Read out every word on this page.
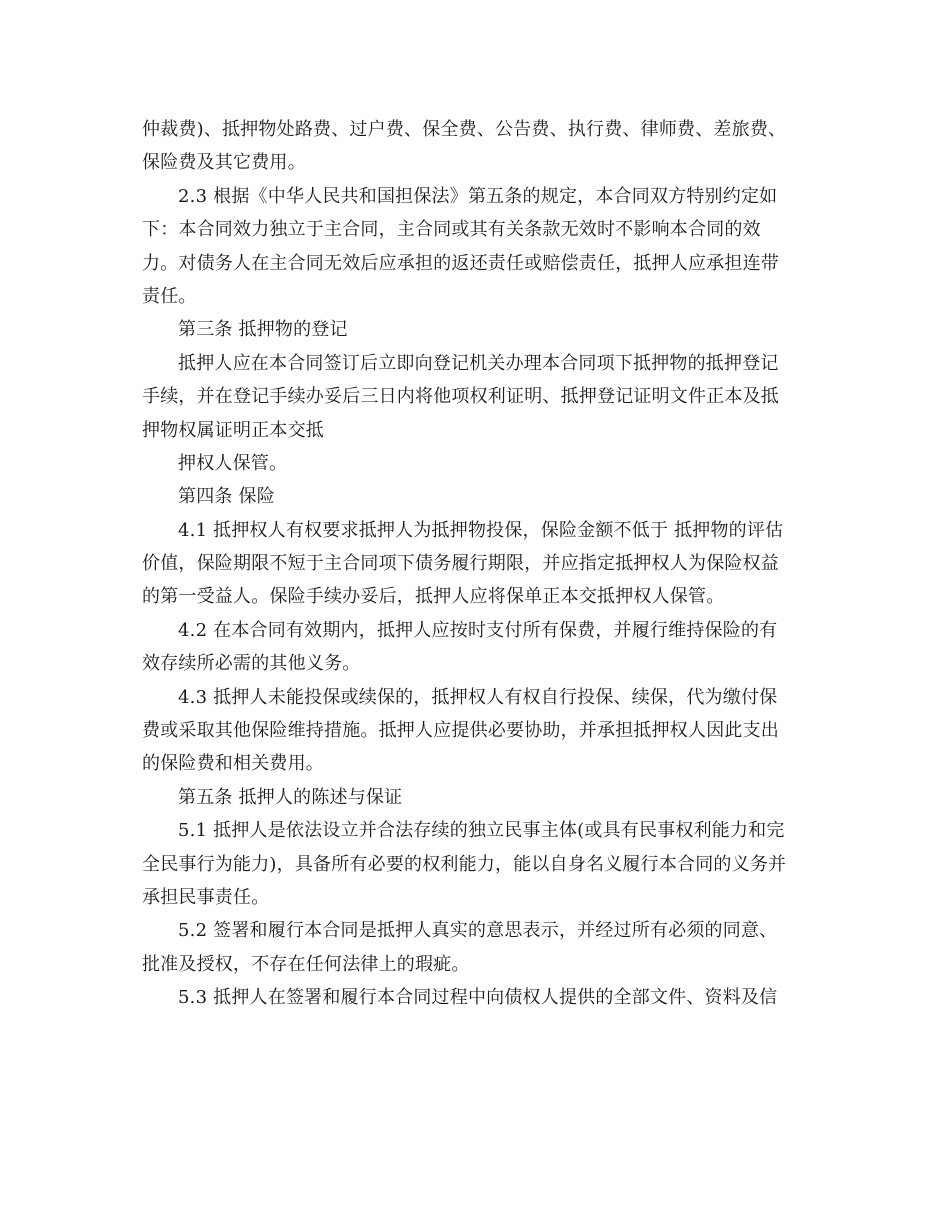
仲裁费)、抵押物处路费、过户费、保全费、公告费、执行费、律师费、差旅费、
保险费及其它费用。
2.3 根据《中华人民共和国担保法》第五条的规定，本合同双方特别约定如
下：本合同效力独立于主合同，主合同或其有关条款无效时不影响本合同的效
力。对债务人在主合同无效后应承担的返还责任或赔偿责任，抵押人应承担连带
责任。
第三条 抵押物的登记
抵押人应在本合同签订后立即向登记机关办理本合同项下抵押物的抵押登记
手续，并在登记手续办妥后三日内将他项权利证明、抵押登记证明文件正本及抵
押物权属证明正本交抵
押权人保管。
第四条 保险
4.1 抵押权人有权要求抵押人为抵押物投保，保险金额不低于 抵押物的评估
价值，保险期限不短于主合同项下债务履行期限，并应指定抵押权人为保险权益
的第一受益人。保险手续办妥后，抵押人应将保单正本交抵押权人保管。
4.2 在本合同有效期内，抵押人应按时支付所有保费，并履行维持保险的有
效存续所必需的其他义务。
4.3 抵押人未能投保或续保的，抵押权人有权自行投保、续保，代为缴付保
费或采取其他保险维持措施。抵押人应提供必要协助，并承担抵押权人因此支出
的保险费和相关费用。
第五条 抵押人的陈述与保证
5.1 抵押人是依法设立并合法存续的独立民事主体(或具有民事权利能力和完
全民事行为能力)，具备所有必要的权利能力，能以自身名义履行本合同的义务并
承担民事责任。
5.2 签署和履行本合同是抵押人真实的意思表示，并经过所有必须的同意、
批准及授权，不存在任何法律上的瑕疵。
5.3 抵押人在签署和履行本合同过程中向债权人提供的全部文件、资料及信
